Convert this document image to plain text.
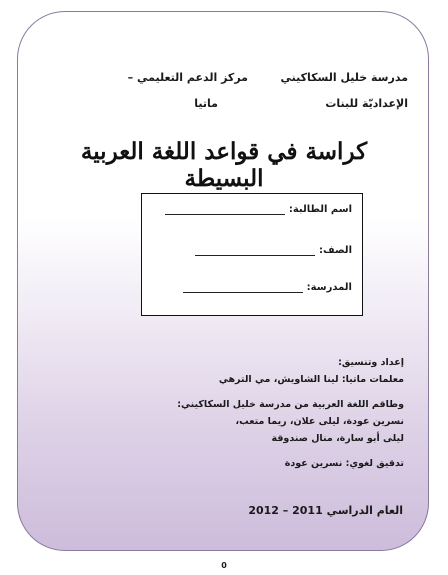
مدرسة خليل السكاكيني
الإعداديّة للبنات
مركز الدعم التعليمي –
ماتيا
كراسة في قواعد اللغة العربية البسيطة
اسم الطالبة:
الصف:
المدرسة:
إعداد وتنسيق:
معلمات ماتيا: لينا الشاويش، مي الترهي
وطاقم اللغة العربية من مدرسة خليل السكاكيني:
نسرين عودة، ليلى علان، ريما متعب،
ليلى أبو سارة، منال صندوقة
تدقيق لغوي: نسرين عودة
العام الدراسي 2011 – 2012
0
